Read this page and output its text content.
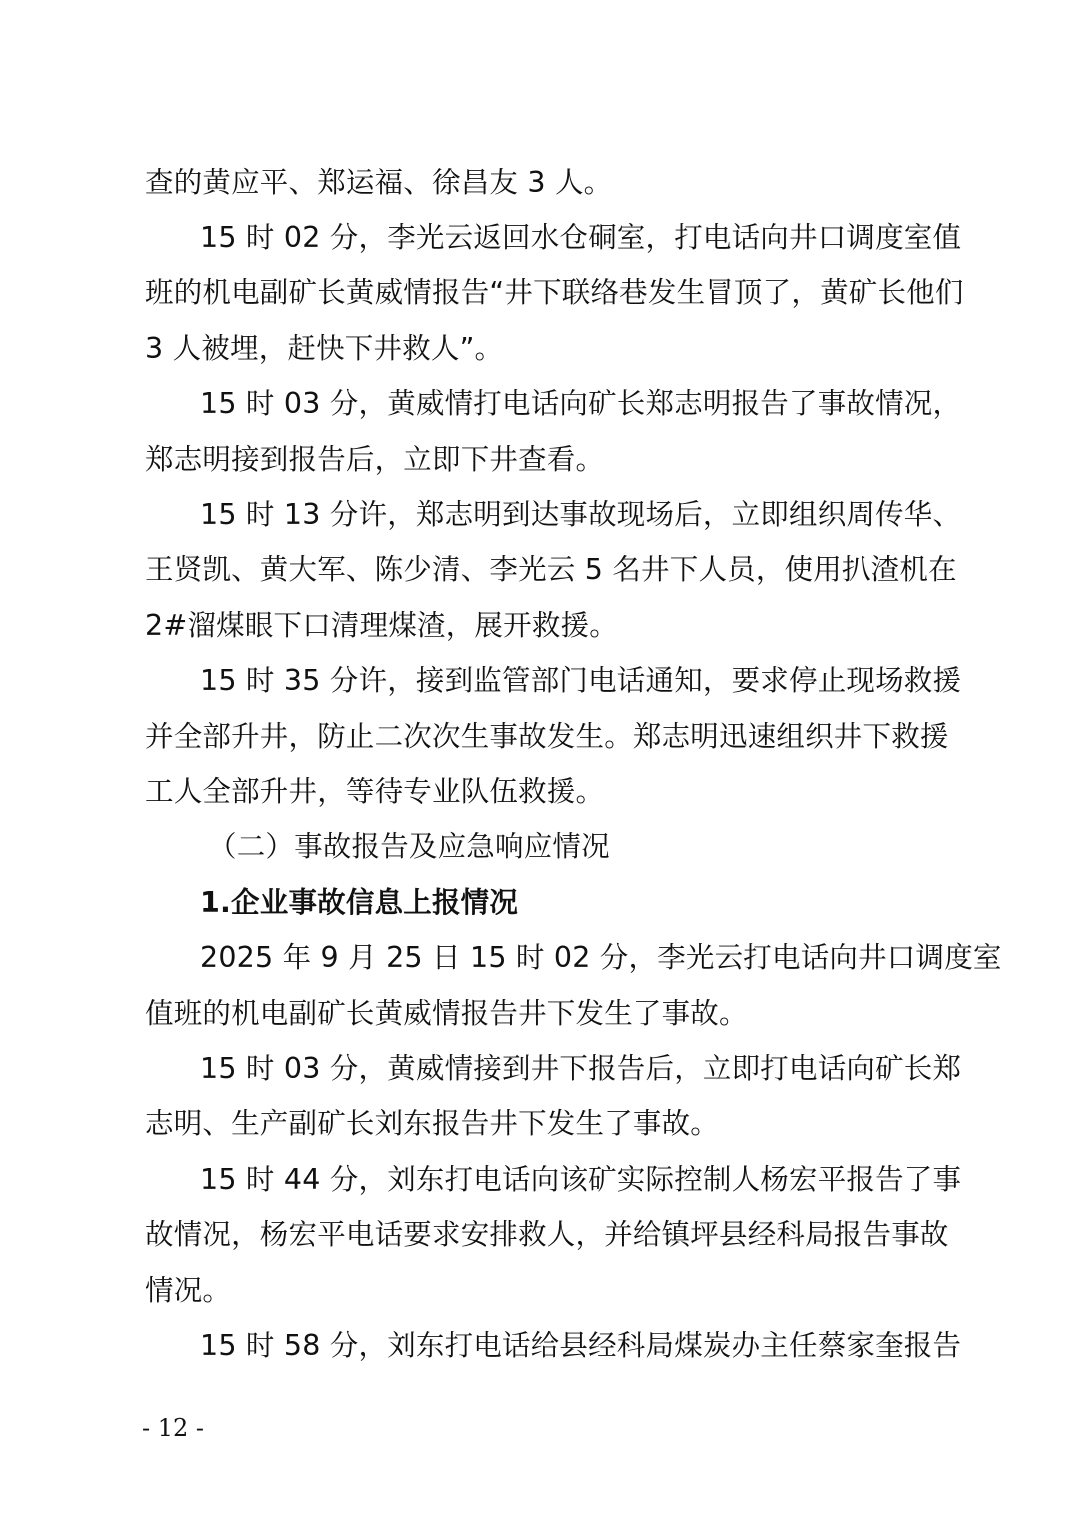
查的黄应平、郑运福、徐昌友 3 人。
15 时 02 分，李光云返回水仓硐室，打电话向井口调度室值
班的机电副矿长黄威情报告“井下联络巷发生冒顶了，黄矿长他们
3 人被埋，赶快下井救人”。
15 时 03 分，黄威情打电话向矿长郑志明报告了事故情况，
郑志明接到报告后，立即下井查看。
15 时 13 分许，郑志明到达事故现场后，立即组织周传华、
王贤凯、黄大军、陈少清、李光云 5 名井下人员，使用扒渣机在
2#溜煤眼下口清理煤渣，展开救援。
15 时 35 分许，接到监管部门电话通知，要求停止现场救援
并全部升井，防止二次次生事故发生。郑志明迅速组织井下救援
工人全部升井，等待专业队伍救援。
（二）事故报告及应急响应情况
1.企业事故信息上报情况
2025 年 9 月 25 日 15 时 02 分，李光云打电话向井口调度室
值班的机电副矿长黄威情报告井下发生了事故。
15 时 03 分，黄威情接到井下报告后，立即打电话向矿长郑
志明、生产副矿长刘东报告井下发生了事故。
15 时 44 分，刘东打电话向该矿实际控制人杨宏平报告了事
故情况，杨宏平电话要求安排救人，并给镇坪县经科局报告事故
情况。
15 时 58 分，刘东打电话给县经科局煤炭办主任蔡家奎报告
- 12 -
